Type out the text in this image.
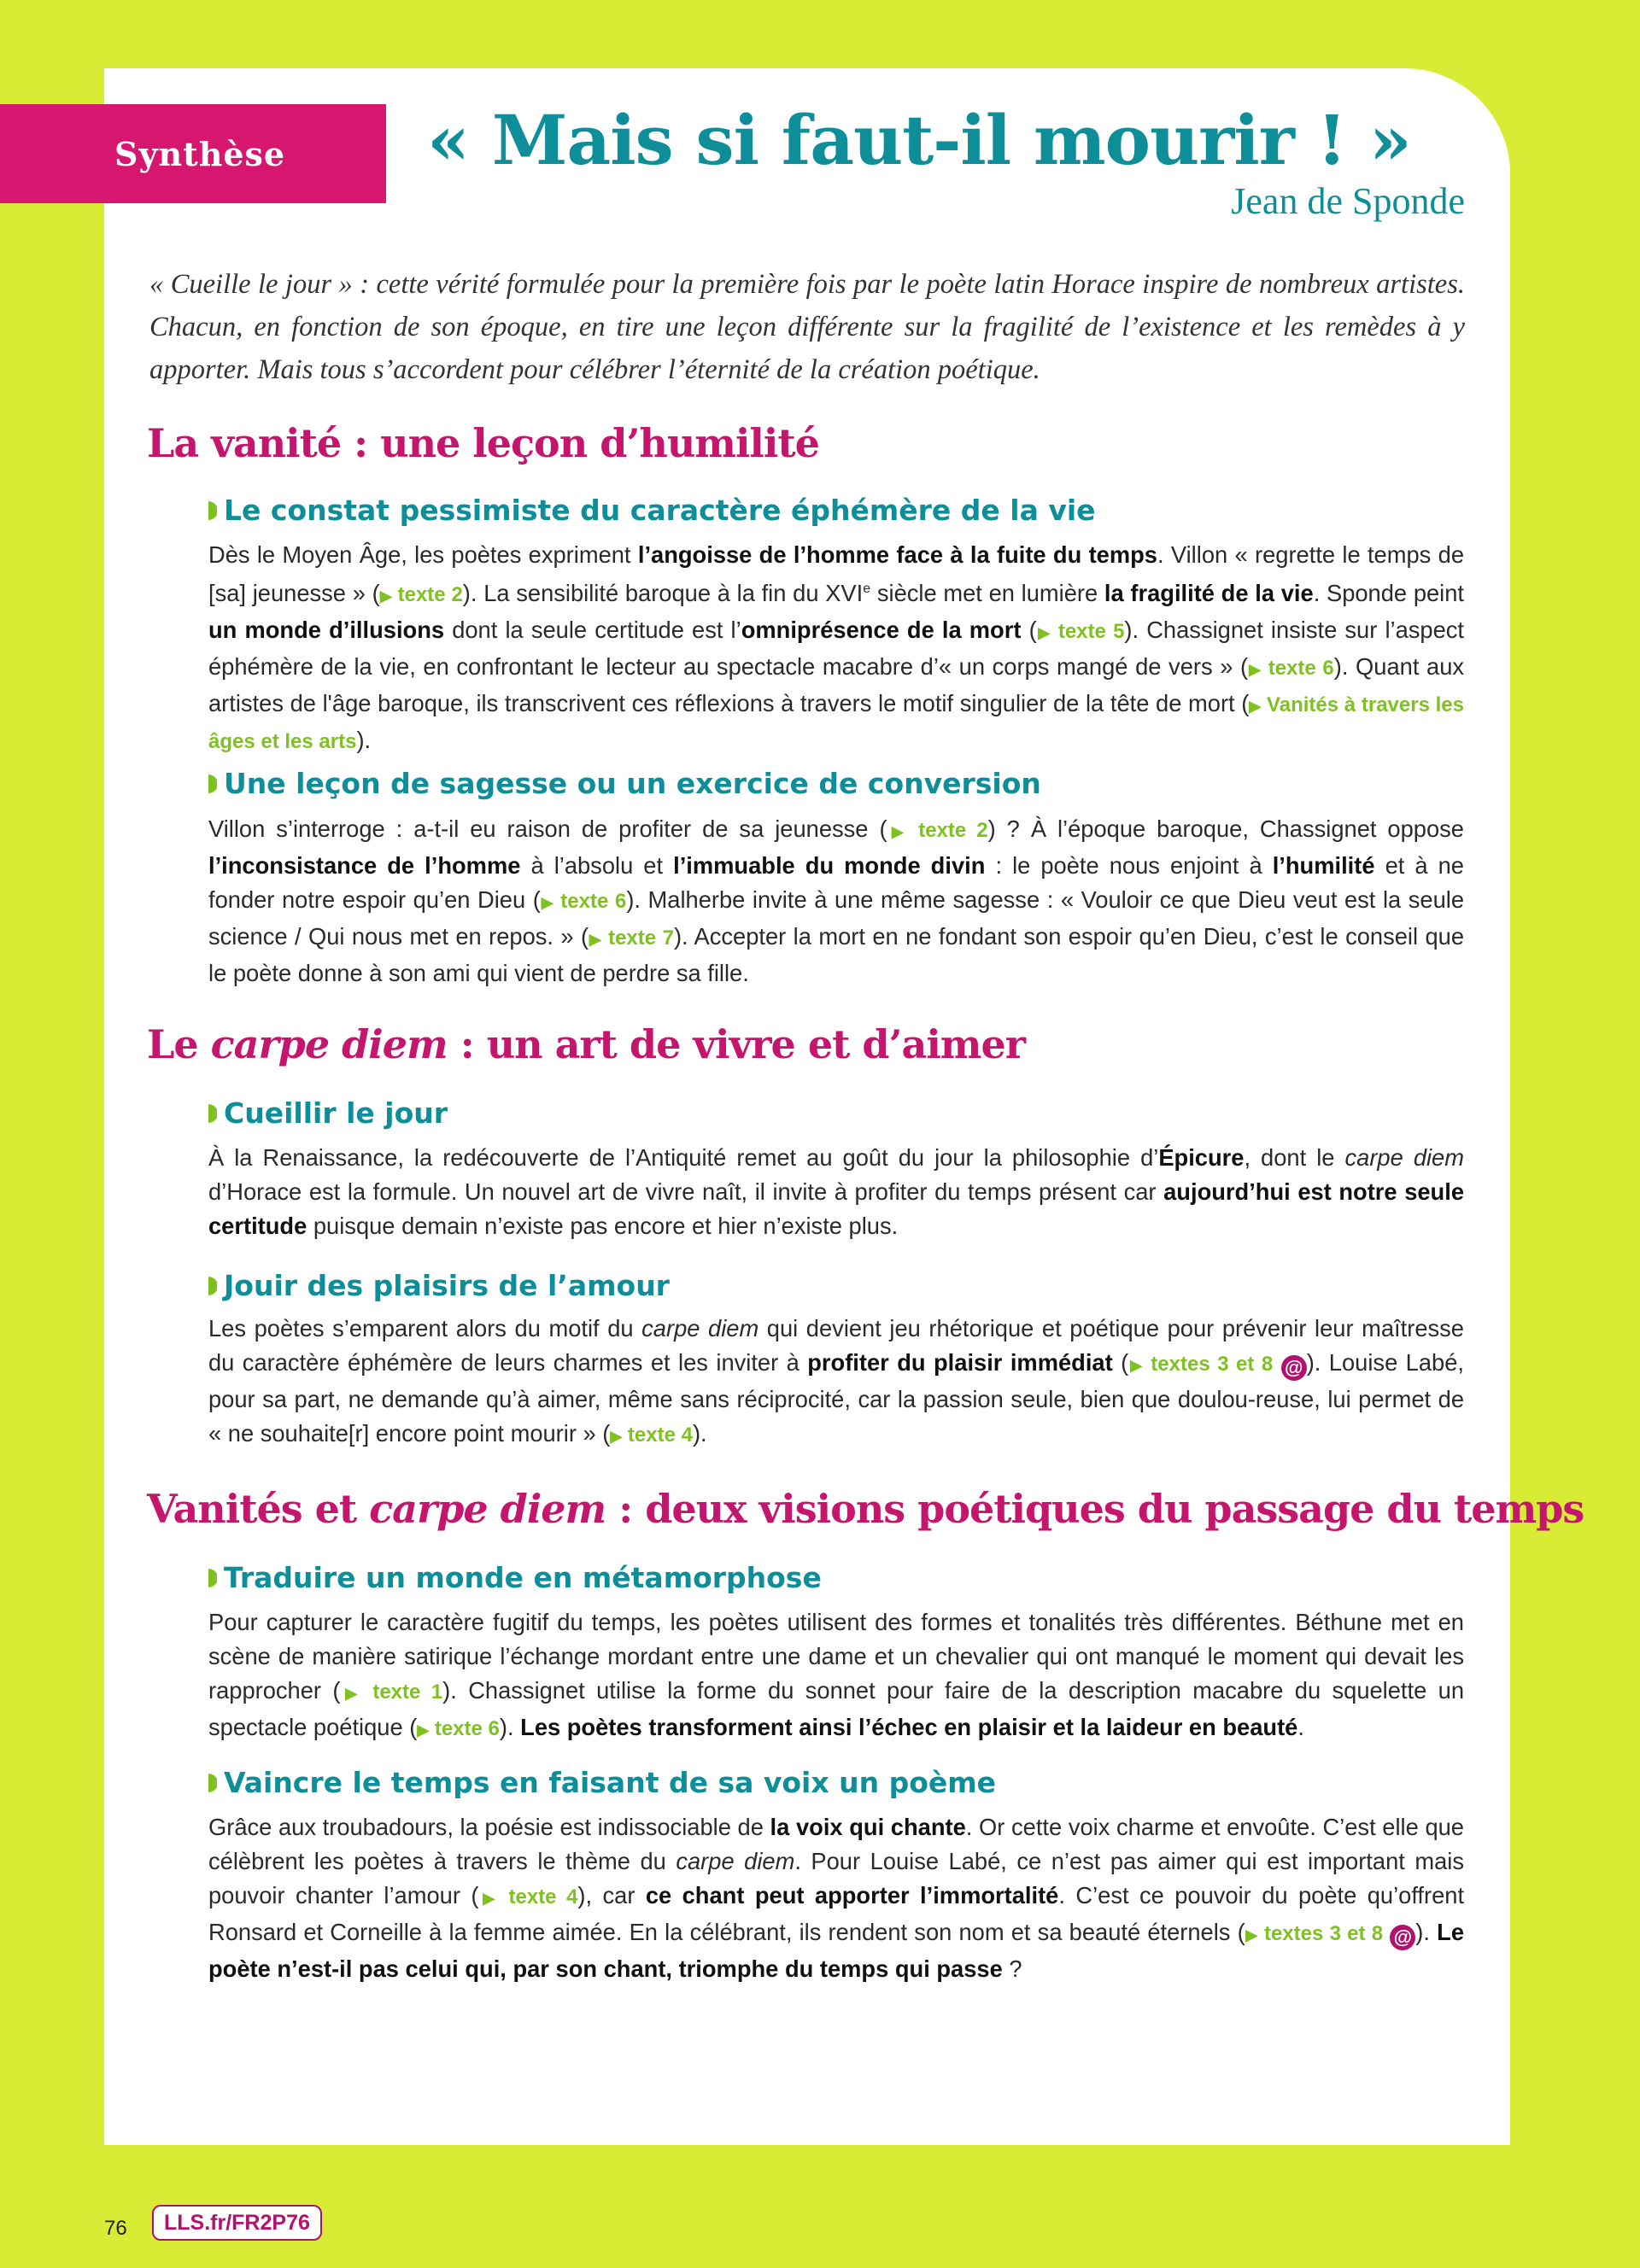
Synthèse	« Mais si faut-il mourir ! »
Jean de Sponde

« Cueille le jour » : cette vérité formulée pour la première fois par le poète latin Horace inspire de nombreux artistes. Chacun, en fonction de son époque, en tire une leçon différente sur la fragilité de l’existence et les remèdes à y apporter. Mais tous s’accordent pour célébrer l’éternité de la création poétique.

La vanité : une leçon d’humilité
Le constat pessimiste du caractère éphémère de la vie

Dès le Moyen Âge, les poètes expriment l’angoisse de l’homme face à la fuite du temps. Villon « regrette le temps de [sa] jeunesse » (▶ texte 2). La sensibilité baroque à la fin du XVIe siècle met en lumière la fragilité de la vie. Sponde peint un monde d’illusions dont la seule certitude est l’omniprésence de la mort (▶ texte 5). Chassignet insiste sur l’aspect éphémère de la vie, en confrontant le lecteur au spectacle macabre d’« un corps mangé de vers » (▶ texte 6). Quant aux artistes de l'âge baroque, ils transcrivent ces réflexions à travers le motif singulier de la tête de mort (▶ Vanités à travers les âges et les arts).

Une leçon de sagesse ou un exercice de conversion

Villon s’interroge : a-t-il eu raison de profiter de sa jeunesse (▶ texte 2) ? À l’époque baroque, Chassignet oppose l’inconsistance de l’homme à l’absolu et l’immuable du monde divin : le poète nous enjoint à l’humilité et à ne fonder notre espoir qu’en Dieu (▶ texte 6). Malherbe invite à une même sagesse : « Vouloir ce que Dieu veut est la seule science / Qui nous met en repos. » (▶ texte 7). Accepter la mort en ne fondant son espoir qu’en Dieu, c’est le conseil que le poète donne à son ami qui vient de perdre sa fille.

Le carpe diem : un art de vivre et d’aimer
Cueillir le jour

À la Renaissance, la redécouverte de l’Antiquité remet au goût du jour la philosophie d’Épicure, dont le carpe diem d’Horace est la formule. Un nouvel art de vivre naît, il invite à profiter du temps présent car aujourd’hui est notre seule certitude puisque demain n’existe pas encore et hier n’existe plus.

Jouir des plaisirs de l’amour

Les poètes s’emparent alors du motif du carpe diem qui devient jeu rhétorique et poétique pour prévenir leur maîtresse du caractère éphémère de leurs charmes et les inviter à profiter du plaisir immédiat (▶ textes 3 et 8 @ ). Louise Labé, pour sa part, ne demande qu’à aimer, même sans réciprocité, car la passion seule, bien que doulou-reuse, lui permet de « ne souhaite[r] encore point mourir » (▶ texte 4).

Vanités et carpe diem : deux visions poétiques du passage du temps
Traduire un monde en métamorphose

Pour capturer le caractère fugitif du temps, les poètes utilisent des formes et tonalités très différentes. Béthune met en scène de manière satirique l’échange mordant entre une dame et un chevalier qui ont manqué le moment qui devait les rapprocher (▶ texte 1). Chassignet utilise la forme du sonnet pour faire de la description macabre du squelette un spectacle poétique (▶ texte 6). Les poètes transforment ainsi l’échec en plaisir et la laideur en beauté.

Vaincre le temps en faisant de sa voix un poème

Grâce aux troubadours, la poésie est indissociable de la voix qui chante. Or cette voix charme et envoûte. C’est elle que célèbrent les poètes à travers le thème du carpe diem. Pour Louise Labé, ce n’est pas aimer qui est important mais pouvoir chanter l’amour (▶ texte 4), car ce chant peut apporter l’immortalité. C’est ce pouvoir du poète qu’offrent Ronsard et Corneille à la femme aimée. En la célébrant, ils rendent son nom et sa beauté éternels (▶ textes 3 et 8 @ ). Le poète n’est-il pas celui qui, par son chant, triomphe du temps qui passe ?

76	LLS.fr/FR2P76
